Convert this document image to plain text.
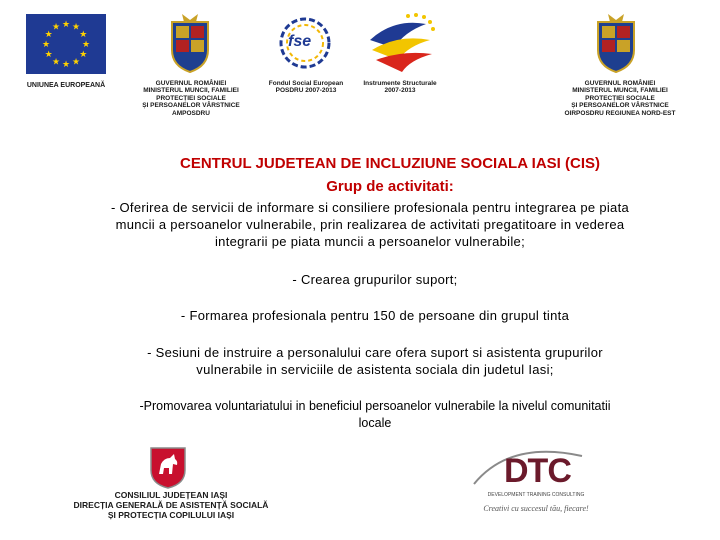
★
★
★
★
★
★
★
★
★ ★ ★
★
UNIUNEA EUROPEANĂ	GUVERNUL ROMÂNIEI
MINISTERUL MUNCII, FAMILIEI
PROTECȚIEI SOCIALE
ȘI PERSOANELOR VÂRSTNICE
AMPOSDRU
fse
Fondul Social European
POSDRU 2007-2013
Instrumente Structurale
2007-2013
GUVERNUL ROMÂNIEI
MINISTERUL MUNCII, FAMILIEI
PROTECȚIEI SOCIALE
ȘI PERSOANELOR VÂRSTNICE
OIRPOSDRU REGIUNEA NORD-EST
CENTRUL JUDETEAN DE INCLUZIUNE SOCIALA IASI (CIS)
Grup de activitati:
- Oferirea de servicii de informare si consiliere profesionala pentru integrarea pe piata
muncii a persoanelor vulnerabile, prin realizarea de activitati pregatitoare in vederea
integrarii pe piata muncii a persoanelor vulnerabile;
- Crearea grupurilor suport;
- Formarea profesionala pentru 150 de persoane din grupul tinta
- Sesiuni de instruire a personalului care ofera suport si asistenta grupurilor
vulnerabile in serviciile de asistenta sociala din judetul Iasi;
-Promovarea voluntariatului in beneficiul persoanelor vulnerabile la nivelul comunitatii
locale
CONSILIUL JUDEȚEAN IAȘI
DIRECȚIA GENERALĂ DE ASISTENȚĂ SOCIALĂ
ȘI PROTECȚIA COPILULUI IAȘI
DTC
DEVELOPMENT TRAINING CONSULTING
Creativi cu succesul tău, fiecare!
